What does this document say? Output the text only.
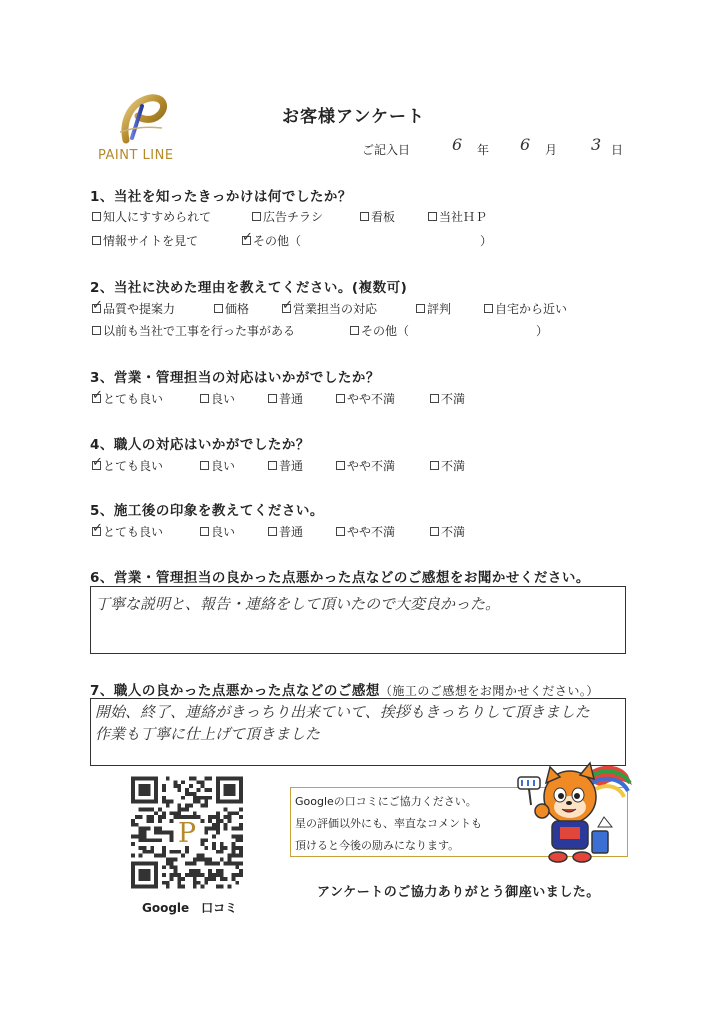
PAINT LINE
お客様アンケート
ご記入日	6 年 6 月 3 日
1、当社を知ったきっかけは何でしたか？
知人にすすめられて	広告チラシ	看板	当社ＨＰ
情報サイトを見て ✓	その他（	）
2、当社に決めた理由を教えてください。(複数可)
✓
品質や提案力	価格 ✓	営業担当の対応	評判	自宅から近い
以前も当社で工事を行った事がある	その他（	）
3、営業・管理担当の対応はいかがでしたか？
✓
とても良い	良い	普通	やや不満	不満
4、職人の対応はいかがでしたか？
✓
とても良い	良い	普通	やや不満	不満
5、施工後の印象を教えてください。
✓
とても良い	良い	普通	やや不満	不満
6、営業・管理担当の良かった点悪かった点などのご感想をお聞かせください。
丁寧な説明と、報告・連絡をして頂いたので大変良かった。
7、職人の良かった点悪かった点などのご感想（施工のご感想をお聞かせください。）
開始、終了、連絡がきっちり出来ていて、挨拶もきっちりして頂きました
作業も丁寧に仕上げて頂きました
P
Google　口コミ
Googleの口コミにご協力ください。
星の評価以外にも、率直なコメントも
頂けると今後の励みになります。
アンケートのご協力ありがとう御座いました。
